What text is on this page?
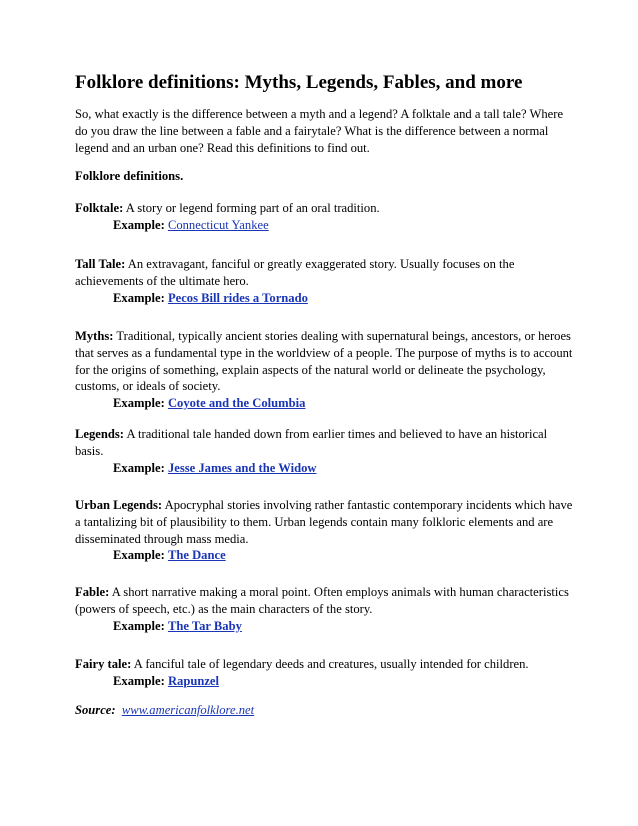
Folklore definitions: Myths, Legends, Fables, and more
So, what exactly is the difference between a myth and a legend? A folktale and a tall tale? Where do you draw the line between a fable and a fairytale? What is the difference between a normal legend and an urban one? Read this definitions to find out.
Folklore definitions.
Folktale: A story or legend forming part of an oral tradition.
Example: Connecticut Yankee
Tall Tale: An extravagant, fanciful or greatly exaggerated story. Usually focuses on the achievements of the ultimate hero.
Example: Pecos Bill rides a Tornado
Myths: Traditional, typically ancient stories dealing with supernatural beings, ancestors, or heroes that serves as a fundamental type in the worldview of a people. The purpose of myths is to account for the origins of something, explain aspects of the natural world or delineate the psychology, customs, or ideals of society.
Example: Coyote and the Columbia
Legends: A traditional tale handed down from earlier times and believed to have an historical basis.
Example: Jesse James and the Widow
Urban Legends: Apocryphal stories involving rather fantastic contemporary incidents which have a tantalizing bit of plausibility to them. Urban legends contain many folkloric elements and are disseminated through mass media.
Example: The Dance
Fable: A short narrative making a moral point. Often employs animals with human characteristics (powers of speech, etc.) as the main characters of the story.
Example: The Tar Baby
Fairy tale: A fanciful tale of legendary deeds and creatures, usually intended for children.
Example: Rapunzel
Source: www.americanfolklore.net
